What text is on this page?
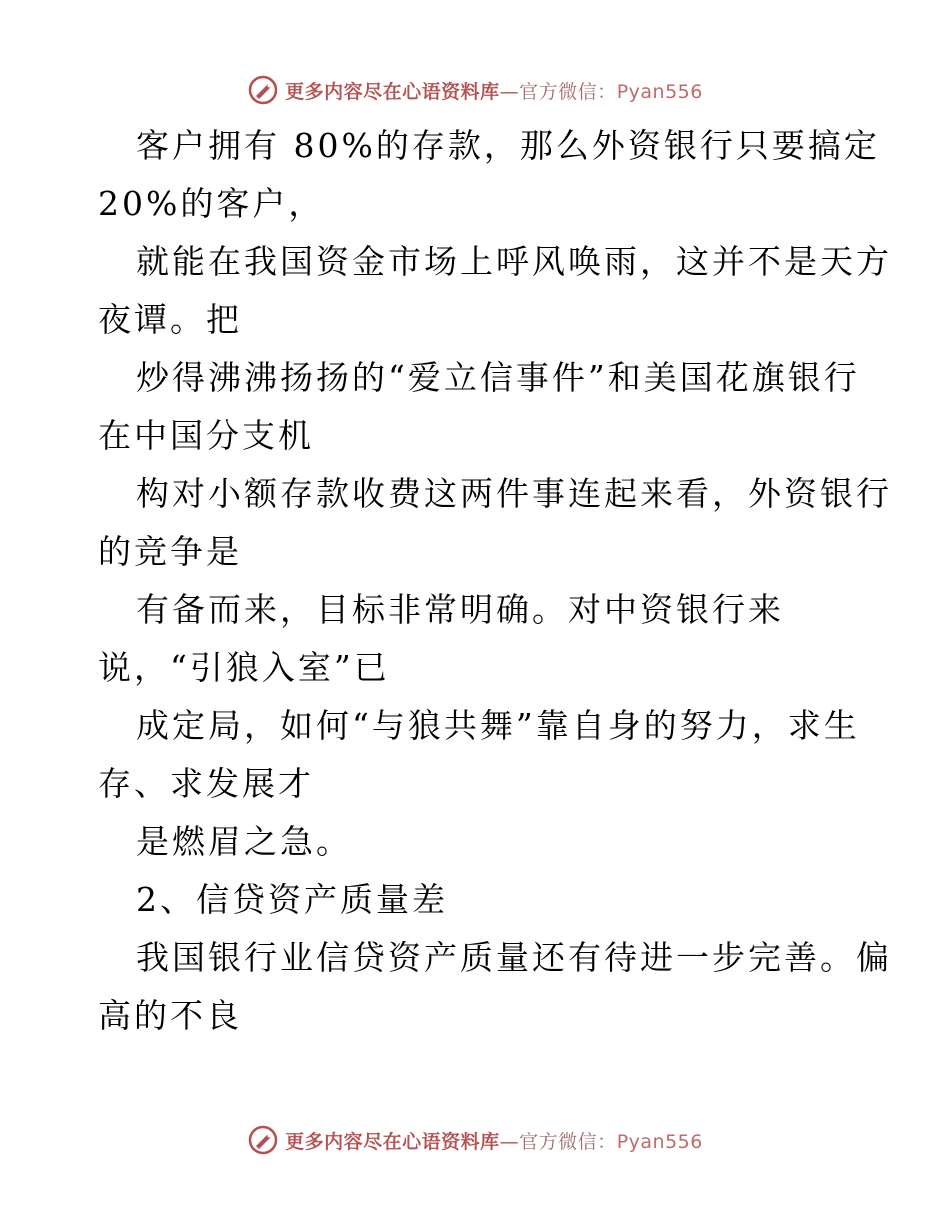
更多内容尽在心语资料库—官方微信：Pyan556
客户拥有 80%的存款，那么外资银行只要搞定
20%的客户，
就能在我国资金市场上呼风唤雨，这并不是天方
夜谭。把
炒得沸沸扬扬的“爱立信事件”和美国花旗银行
在中国分支机
构对小额存款收费这两件事连起来看，外资银行
的竞争是
有备而来，目标非常明确。对中资银行来
说，“引狼入室”已
成定局，如何“与狼共舞”靠自身的努力，求生
存、求发展才
是燃眉之急。
2、信贷资产质量差
我国银行业信贷资产质量还有待进一步完善。偏
高的不良
更多内容尽在心语资料库—官方微信：Pyan556
